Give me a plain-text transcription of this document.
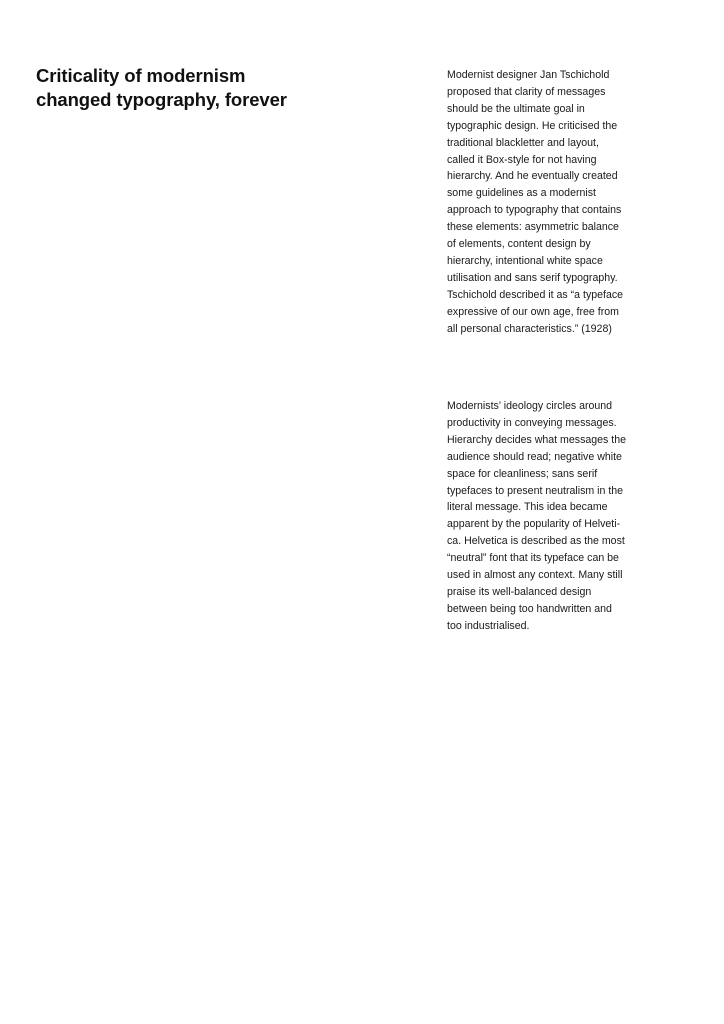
Criticality of modernism
changed typography, forever

Modernist designer Jan Tschichold
proposed that clarity of messages
should be the ultimate goal in
typographic design. He criticised the
traditional blackletter and layout,
called it Box-style for not having
hierarchy. And he eventually created
some guidelines as a modernist
approach to typography that contains
these elements: asymmetric balance
of elements, content design by
hierarchy, intentional white space
utilisation and sans serif typography.
Tschichold described it as “a typeface
expressive of our own age, free from
all personal characteristics.” (1928)

Modernists’ ideology circles around
productivity in conveying messages.
Hierarchy decides what messages the
audience should read; negative white
space for cleanliness; sans serif
typefaces to present neutralism in the
literal message. This idea became
apparent by the popularity of Helveti-
ca. Helvetica is described as the most
“neutral” font that its typeface can be
used in almost any context. Many still
praise its well-balanced design
between being too handwritten and
too industrialised.
